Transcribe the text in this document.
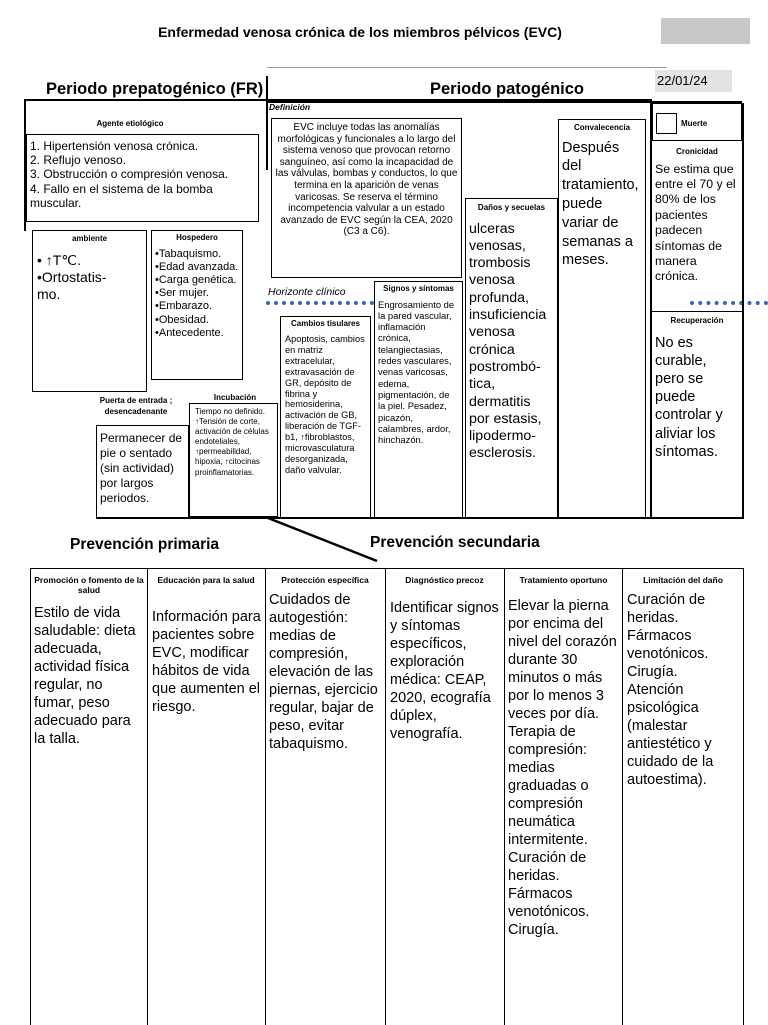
Enfermedad venosa crónica de los miembros pélvicos (EVC)
22/01/24
Periodo prepatogénico (FR)	Periodo patogénico
Agente etiológico
1. Hipertensión venosa crónica.
2. Reflujo venoso.
3. Obstrucción o compresión venosa.
4. Fallo en el sistema de la bomba muscular.
ambiente
• ↑T℃.
•Ortostatis-
mo.
Hospedero
•Tabaquismo.
•Edad avanzada.
•Carga genética.
•Ser mujer.
•Embarazo.
•Obesidad.
•Antecedente.
Puerta de entrada ; desencadenante
Permanecer de pie o sentado (sin actividad) por largos periodos.
Definición
EVC incluye todas las anomalías morfológicas y funcionales a lo largo del sistema venoso que provocan retorno sanguíneo, así como la incapacidad de las válvulas, bombas y conductos, lo que termina en la aparición de venas varicosas. Se reserva el término incompetencia valvular a un estado avanzado de EVC según la CEA, 2020 (C3 a C6).
Horizonte clínico
Incubación
Tiempo no definido. ↑Tensión de corte, activación de células endoteliales, ↑permeabilidad, hipoxia, ↑citocinas proinflamatorias.
Cambios tisulares
Apoptosis, cambios en matriz extracelular, extravasación de GR, depósito de fibrina y hemosiderina, activación de GB, liberación de TGF-b1, ↑fibroblastos, microvasculatura desorganizada, daño valvular.
Signos y síntomas
Engrosamiento de la pared vascular, inflamación crónica, telangiectasias, redes vasculares, venas varicosas, edema, pigmentación, de la piel. Pesadez, picazón, calambres, ardor, hinchazón.
Daños y secuelas
ulceras venosas, trombosis venosa profunda, insuficiencia venosa crónica postrombó-tica, dermatitis por estasis, lipodermo-esclerosis.
Convalecencia
Después del tratamiento, puede variar de semanas a meses.
Muerte
Cronicidad
Se estima que entre el 70 y el 80% de los pacientes padecen síntomas de manera crónica.
Recuperación
No es curable, pero se puede controlar y aliviar los síntomas.
Prevención primaria	Prevención secundaria
Promoción o fomento de la salud
Estilo de vida saludable: dieta adecuada, actividad física regular, no fumar, peso adecuado para la talla.
Educación para la salud
Información para pacientes sobre EVC, modificar hábitos de vida que aumenten el riesgo.
Protección específica
Cuidados de autogestión: medias de compresión, elevación de las piernas, ejercicio regular, bajar de peso, evitar tabaquismo.
Diagnóstico precoz
Identificar signos y síntomas específicos, exploración médica: CEAP, 2020, ecografía dúplex, venografía.
Tratamiento oportuno
Elevar la pierna por encima del nivel del corazón durante 30 minutos o más por lo menos 3 veces por día.
Terapia de compresión: medias graduadas o compresión neumática intermitente.
Curación de heridas.
Fármacos venotónicos.
Cirugía.
Limitación del daño
Curación de heridas.
Fármacos venotónicos.
Cirugía.
Atención psicológica (malestar antiestético y cuidado de la autoestima).
